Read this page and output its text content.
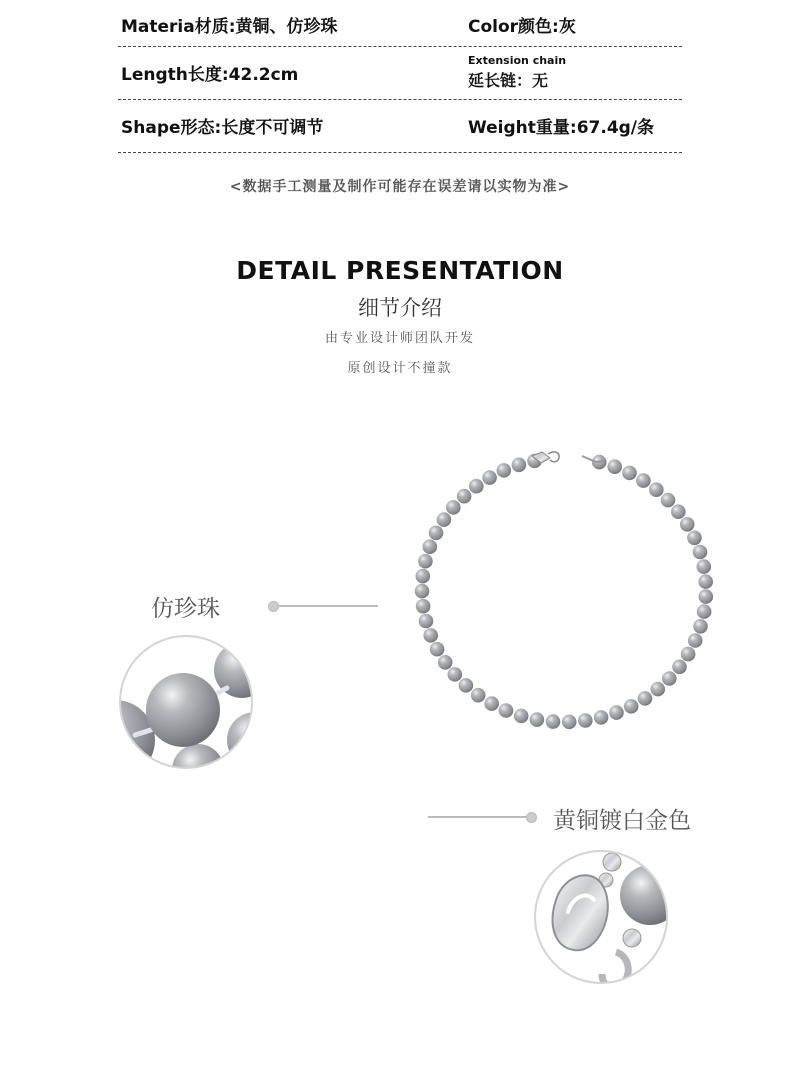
Materia材质:黄铜、仿珍珠	Color颜色:灰
Length长度:42.2cm
Extension chain
延长链：无
Shape形态:长度不可调节	Weight重量:67.4g/条
<数据手工测量及制作可能存在误差请以实物为准>
DETAIL PRESENTATION
细节介绍
由专业设计师团队开发
原创设计不撞款
仿珍珠
黄铜镀白金色
